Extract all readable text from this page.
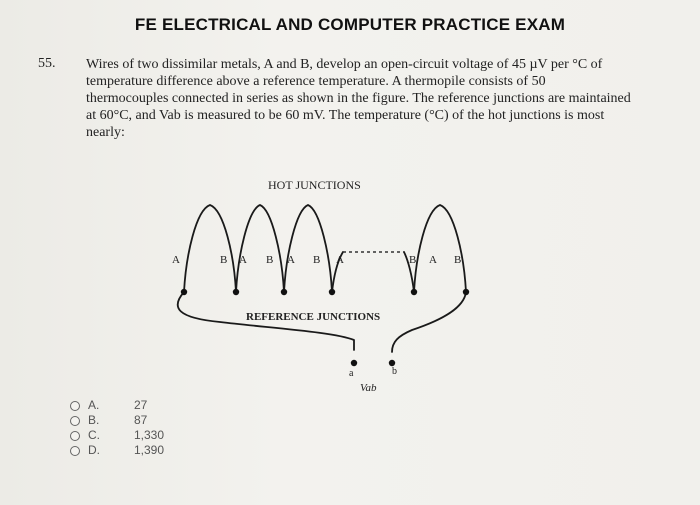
FE ELECTRICAL AND COMPUTER PRACTICE EXAM
55. Wires of two dissimilar metals, A and B, develop an open-circuit voltage of 45 µV per °C of
temperature difference above a reference temperature. A thermopile consists of 50
thermocouples connected in series as shown in the figure. The reference junctions are maintained
at 60°C, and Vab is measured to be 60 mV. The temperature (°C) of the hot junctions is most
nearly:
HOT JUNCTIONS
REFERENCE JUNCTIONS
A	B A B A B A	B A B
a	b
Vab
A.	27
B.	87
C.	1,330
D.	1,390
